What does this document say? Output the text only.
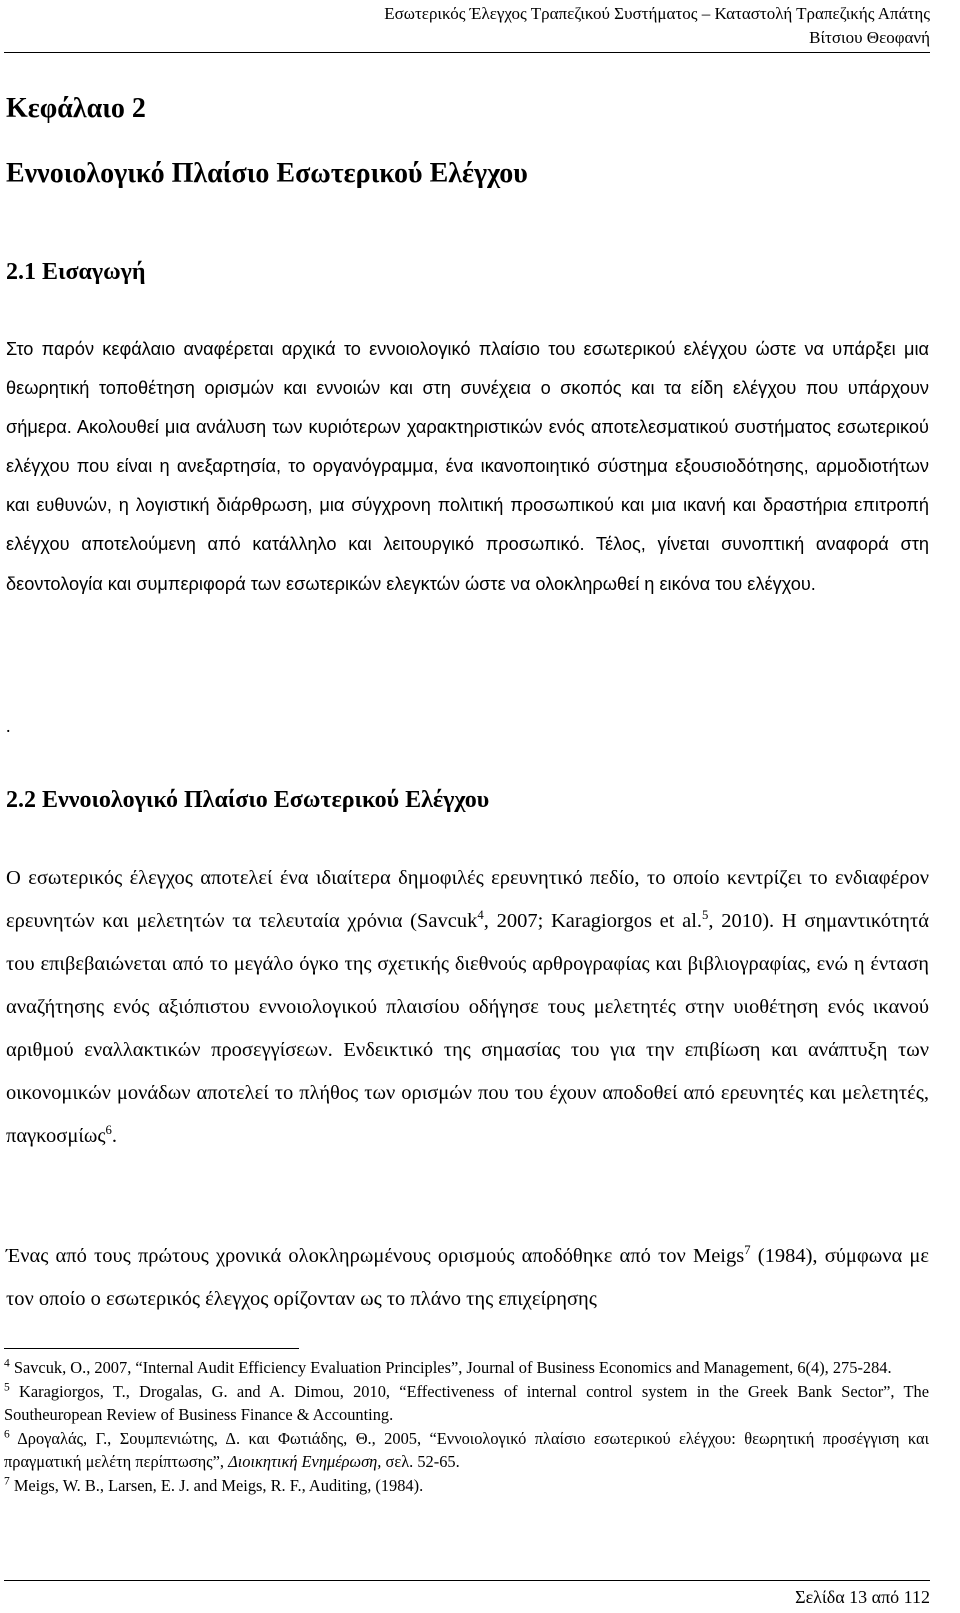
Εσωτερικός Έλεγχος Τραπεζικού Συστήματος – Καταστολή Τραπεζικής Απάτης
Βίτσιου Θεοφανή
Κεφάλαιο 2
Εννοιολογικό Πλαίσιο Εσωτερικού Ελέγχου
2.1 Εισαγωγή

Στο παρόν κεφάλαιο αναφέρεται αρχικά το εννοιολογικό πλαίσιο του εσωτερικού ελέγχου ώστε να υπάρξει μια θεωρητική τοποθέτηση ορισμών και εννοιών και στη συνέχεια ο σκοπός και τα είδη ελέγχου που υπάρχουν σήμερα. Ακολουθεί μια ανάλυση των κυριότερων χαρακτηριστικών ενός αποτελεσματικού συστήματος εσωτερικού ελέγχου που είναι η ανεξαρτησία, το οργανόγραμμα, ένα ικανοποιητικό σύστημα εξουσιοδότησης, αρμοδιοτήτων και ευθυνών, η λογιστική διάρθρωση, μια σύγχρονη πολιτική προσωπικού και μια ικανή και δραστήρια επιτροπή ελέγχου αποτελούμενη από κατάλληλο και λειτουργικό προσωπικό. Τέλος, γίνεται συνοπτική αναφορά στη δεοντολογία και συμπεριφορά των εσωτερικών ελεγκτών ώστε να ολοκληρωθεί η εικόνα του ελέγχου.

.
2.2 Εννοιολογικό Πλαίσιο Εσωτερικού Ελέγχου

Ο εσωτερικός έλεγχος αποτελεί ένα ιδιαίτερα δημοφιλές ερευνητικό πεδίο, το οποίο κεντρίζει το ενδιαφέρον ερευνητών και μελετητών τα τελευταία χρόνια (Savcuk$^4$, 2007; Karagiorgos et al.$^5$, 2010). Η σημαντικότητά του επιβεβαιώνεται από το μεγάλο όγκο της σχετικής διεθνούς αρθρογραφίας και βιβλιογραφίας, ενώ η ένταση αναζήτησης ενός αξιόπιστου εννοιολογικού πλαισίου οδήγησε τους μελετητές στην υιοθέτηση ενός ικανού αριθμού εναλλακτικών προσεγγίσεων. Ενδεικτικό της σημασίας του για την επιβίωση και ανάπτυξη των οικονομικών μονάδων αποτελεί το πλήθος των ορισμών που του έχουν αποδοθεί από ερευνητές και μελετητές, παγκοσμίως$^6$.

Ένας από τους πρώτους χρονικά ολοκληρωμένους ορισμούς αποδόθηκε από τον Meigs$^7$ (1984), σύμφωνα με τον οποίο ο εσωτερικός έλεγχος ορίζονταν ως το πλάνο της επιχείρησης

$^4$ Savcuk, O., 2007, “Internal Audit Efficiency Evaluation Principles”, Journal of Business Economics and Management, 6(4), 275-284.

$^5$ Karagiorgos, T., Drogalas, G. and A. Dimou, 2010, “Effectiveness of internal control system in the Greek Bank Sector”, The Southeuropean Review of Business Finance & Accounting.

$^6$ Δρογαλάς, Γ., Σουμπενιώτης, Δ. και Φωτιάδης, Θ., 2005, “Εννοιολογικό πλαίσιο εσωτερικού ελέγχου: θεωρητική προσέγγιση και πραγματική μελέτη περίπτωσης”, Διοικητική Ενημέρωση, σελ. 52-65.

$^7$ Meigs, W. B., Larsen, E. J. and Meigs, R. F., Auditing, (1984).

Σελίδα 13 από 112
